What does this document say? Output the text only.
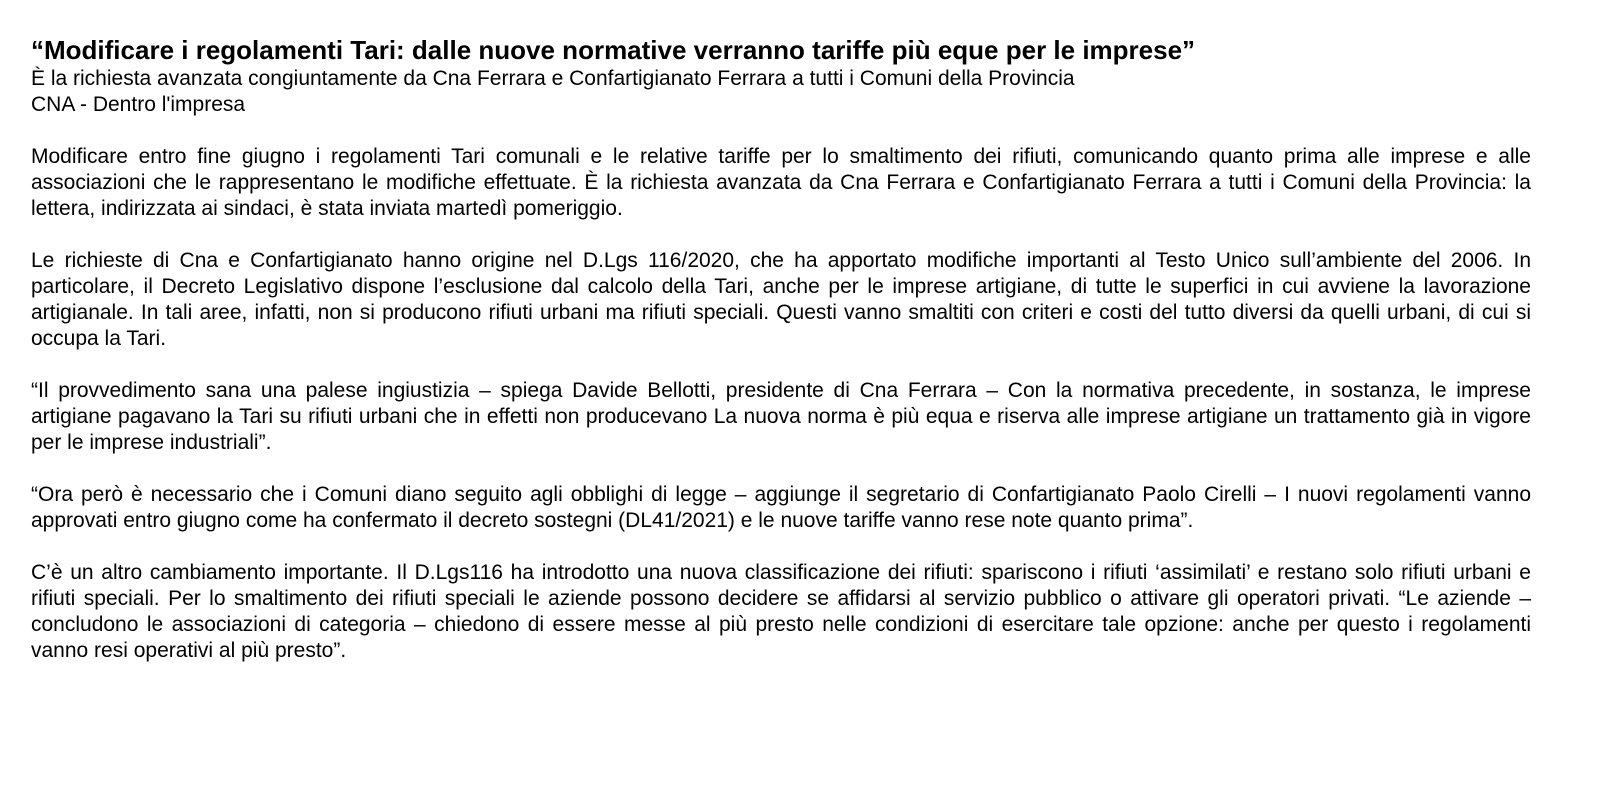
“Modificare i regolamenti Tari: dalle nuove normative verranno tariffe più eque per le imprese”

È la richiesta avanzata congiuntamente da Cna Ferrara e Confartigianato Ferrara a tutti i Comuni della Provincia

CNA - Dentro l'impresa

Modificare entro fine giugno i regolamenti Tari comunali e le relative tariffe per lo smaltimento dei rifiuti, comunicando quanto prima alle imprese e alle associazioni che le rappresentano le modifiche effettuate. È la richiesta avanzata da Cna Ferrara e Confartigianato Ferrara a tutti i Comuni della Provincia: la lettera, indirizzata ai sindaci, è stata inviata martedì pomeriggio.

Le richieste di Cna e Confartigianato hanno origine nel D.Lgs 116/2020, che ha apportato modifiche importanti al Testo Unico sull’ambiente del 2006. In particolare, il Decreto Legislativo dispone l’esclusione dal calcolo della Tari, anche per le imprese artigiane, di tutte le superfici in cui avviene la lavorazione artigianale. In tali aree, infatti, non si producono rifiuti urbani ma rifiuti speciali. Questi vanno smaltiti con criteri e costi del tutto diversi da quelli urbani, di cui si occupa la Tari.

“Il provvedimento sana una palese ingiustizia – spiega Davide Bellotti, presidente di Cna Ferrara – Con la normativa precedente, in sostanza, le imprese artigiane pagavano la Tari su rifiuti urbani che in effetti non producevano La nuova norma è più equa e riserva alle imprese artigiane un trattamento già in vigore per le imprese industriali”.

“Ora però è necessario che i Comuni diano seguito agli obblighi di legge – aggiunge il segretario di Confartigianato Paolo Cirelli – I nuovi regolamenti vanno approvati entro giugno come ha confermato il decreto sostegni (DL41/2021) e le nuove tariffe vanno rese note quanto prima”.

C’è un altro cambiamento importante. Il D.Lgs116 ha introdotto una nuova classificazione dei rifiuti: spariscono i rifiuti ‘assimilati’ e restano solo rifiuti urbani e rifiuti speciali. Per lo smaltimento dei rifiuti speciali le aziende possono decidere se affidarsi al servizio pubblico o attivare gli operatori privati. “Le aziende – concludono le associazioni di categoria – chiedono di essere messe al più presto nelle condizioni di esercitare tale opzione: anche per questo i regolamenti vanno resi operativi al più presto”.
